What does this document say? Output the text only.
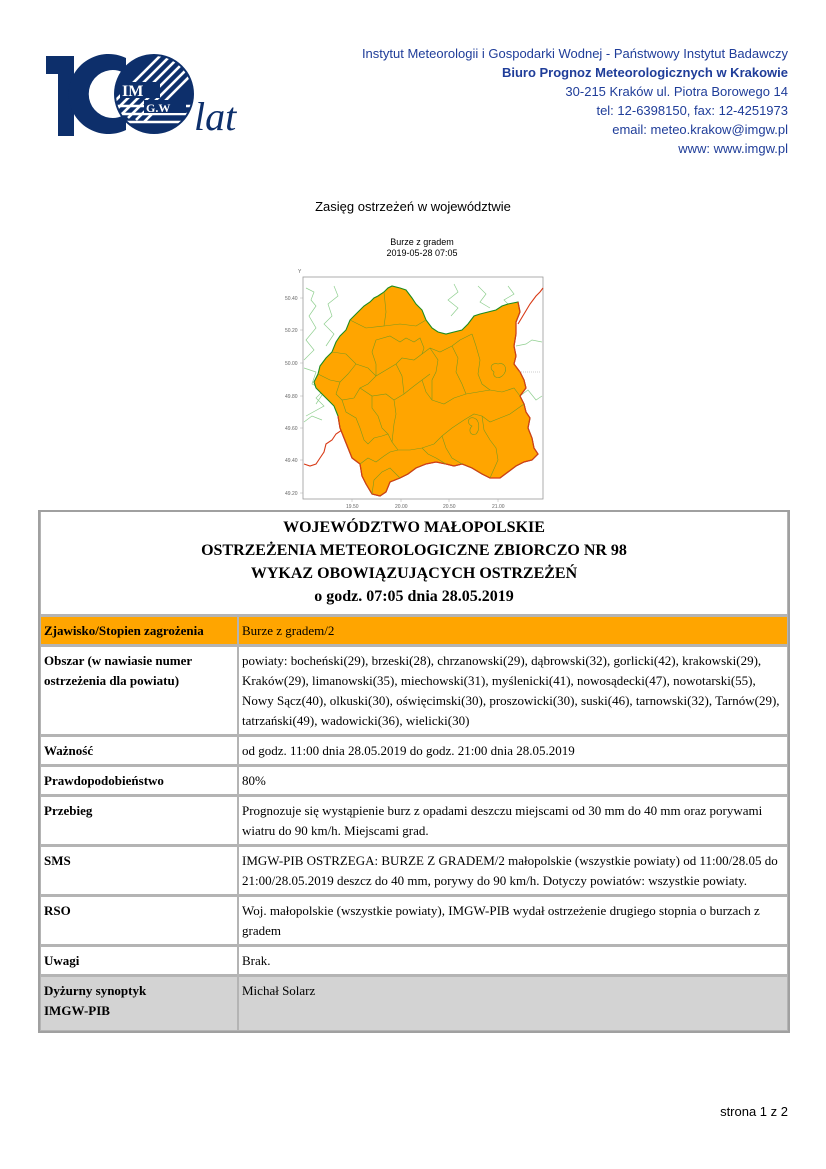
IM
G.W lat
Instytut Meteorologii i Gospodarki Wodnej - Państwowy Instytut Badawczy
Biuro Prognoz Meteorologicznych w Krakowie
30-215 Kraków ul. Piotra Borowego 14
tel: 12-6398150, fax: 12-4251973
email: meteo.krakow@imgw.pl
www: www.imgw.pl
Zasięg ostrzeżeń w województwie
Burze z gradem
2019-05-28 07:05
Y
50.40
50.20
50.00
49.80
49.60
49.40
49.20
19.50	20.00	20.50	21.00
WOJEWÓDZTWO MAŁOPOLSKIE
OSTRZEŻENIA METEOROLOGICZNE ZBIORCZO NR 98
WYKAZ OBOWIĄZUJĄCYCH OSTRZEŻEŃ
o godz. 07:05 dnia 28.05.2019	

Zjawisko/Stopien zagrożenia	Burze z gradem/2
Obszar (w nawiasie numer ostrzeżenia dla powiatu)	powiaty: bocheński(29), brzeski(28), chrzanowski(29), dąbrowski(32), gorlicki(42), krakowski(29), Kraków(29), limanowski(35), miechowski(31), myślenicki(41), nowosądecki(47), nowotarski(55), Nowy Sącz(40), olkuski(30), oświęcimski(30), proszowicki(30), suski(46), tarnowski(32), Tarnów(29), tatrzański(49), wadowicki(36), wielicki(30)
Ważność	od godz. 11:00 dnia 28.05.2019 do godz. 21:00 dnia 28.05.2019
Prawdopodobieństwo	80%
Przebieg	Prognozuje się wystąpienie burz z opadami deszczu miejscami od 30 mm do 40 mm oraz porywami wiatru do 90 km/h. Miejscami grad.
SMS	IMGW-PIB OSTRZEGA: BURZE Z GRADEM/2 małopolskie (wszystkie powiaty) od 11:00/28.05 do 21:00/28.05.2019 deszcz do 40 mm, porywy do 90 km/h. Dotyczy powiatów: wszystkie powiaty.
RSO	Woj. małopolskie (wszystkie powiaty), IMGW-PIB wydał ostrzeżenie drugiego stopnia o burzach z gradem
Uwagi	Brak.

Dyżurny synoptyk
IMGW-PIB	Michał Solarz
strona 1 z 2
